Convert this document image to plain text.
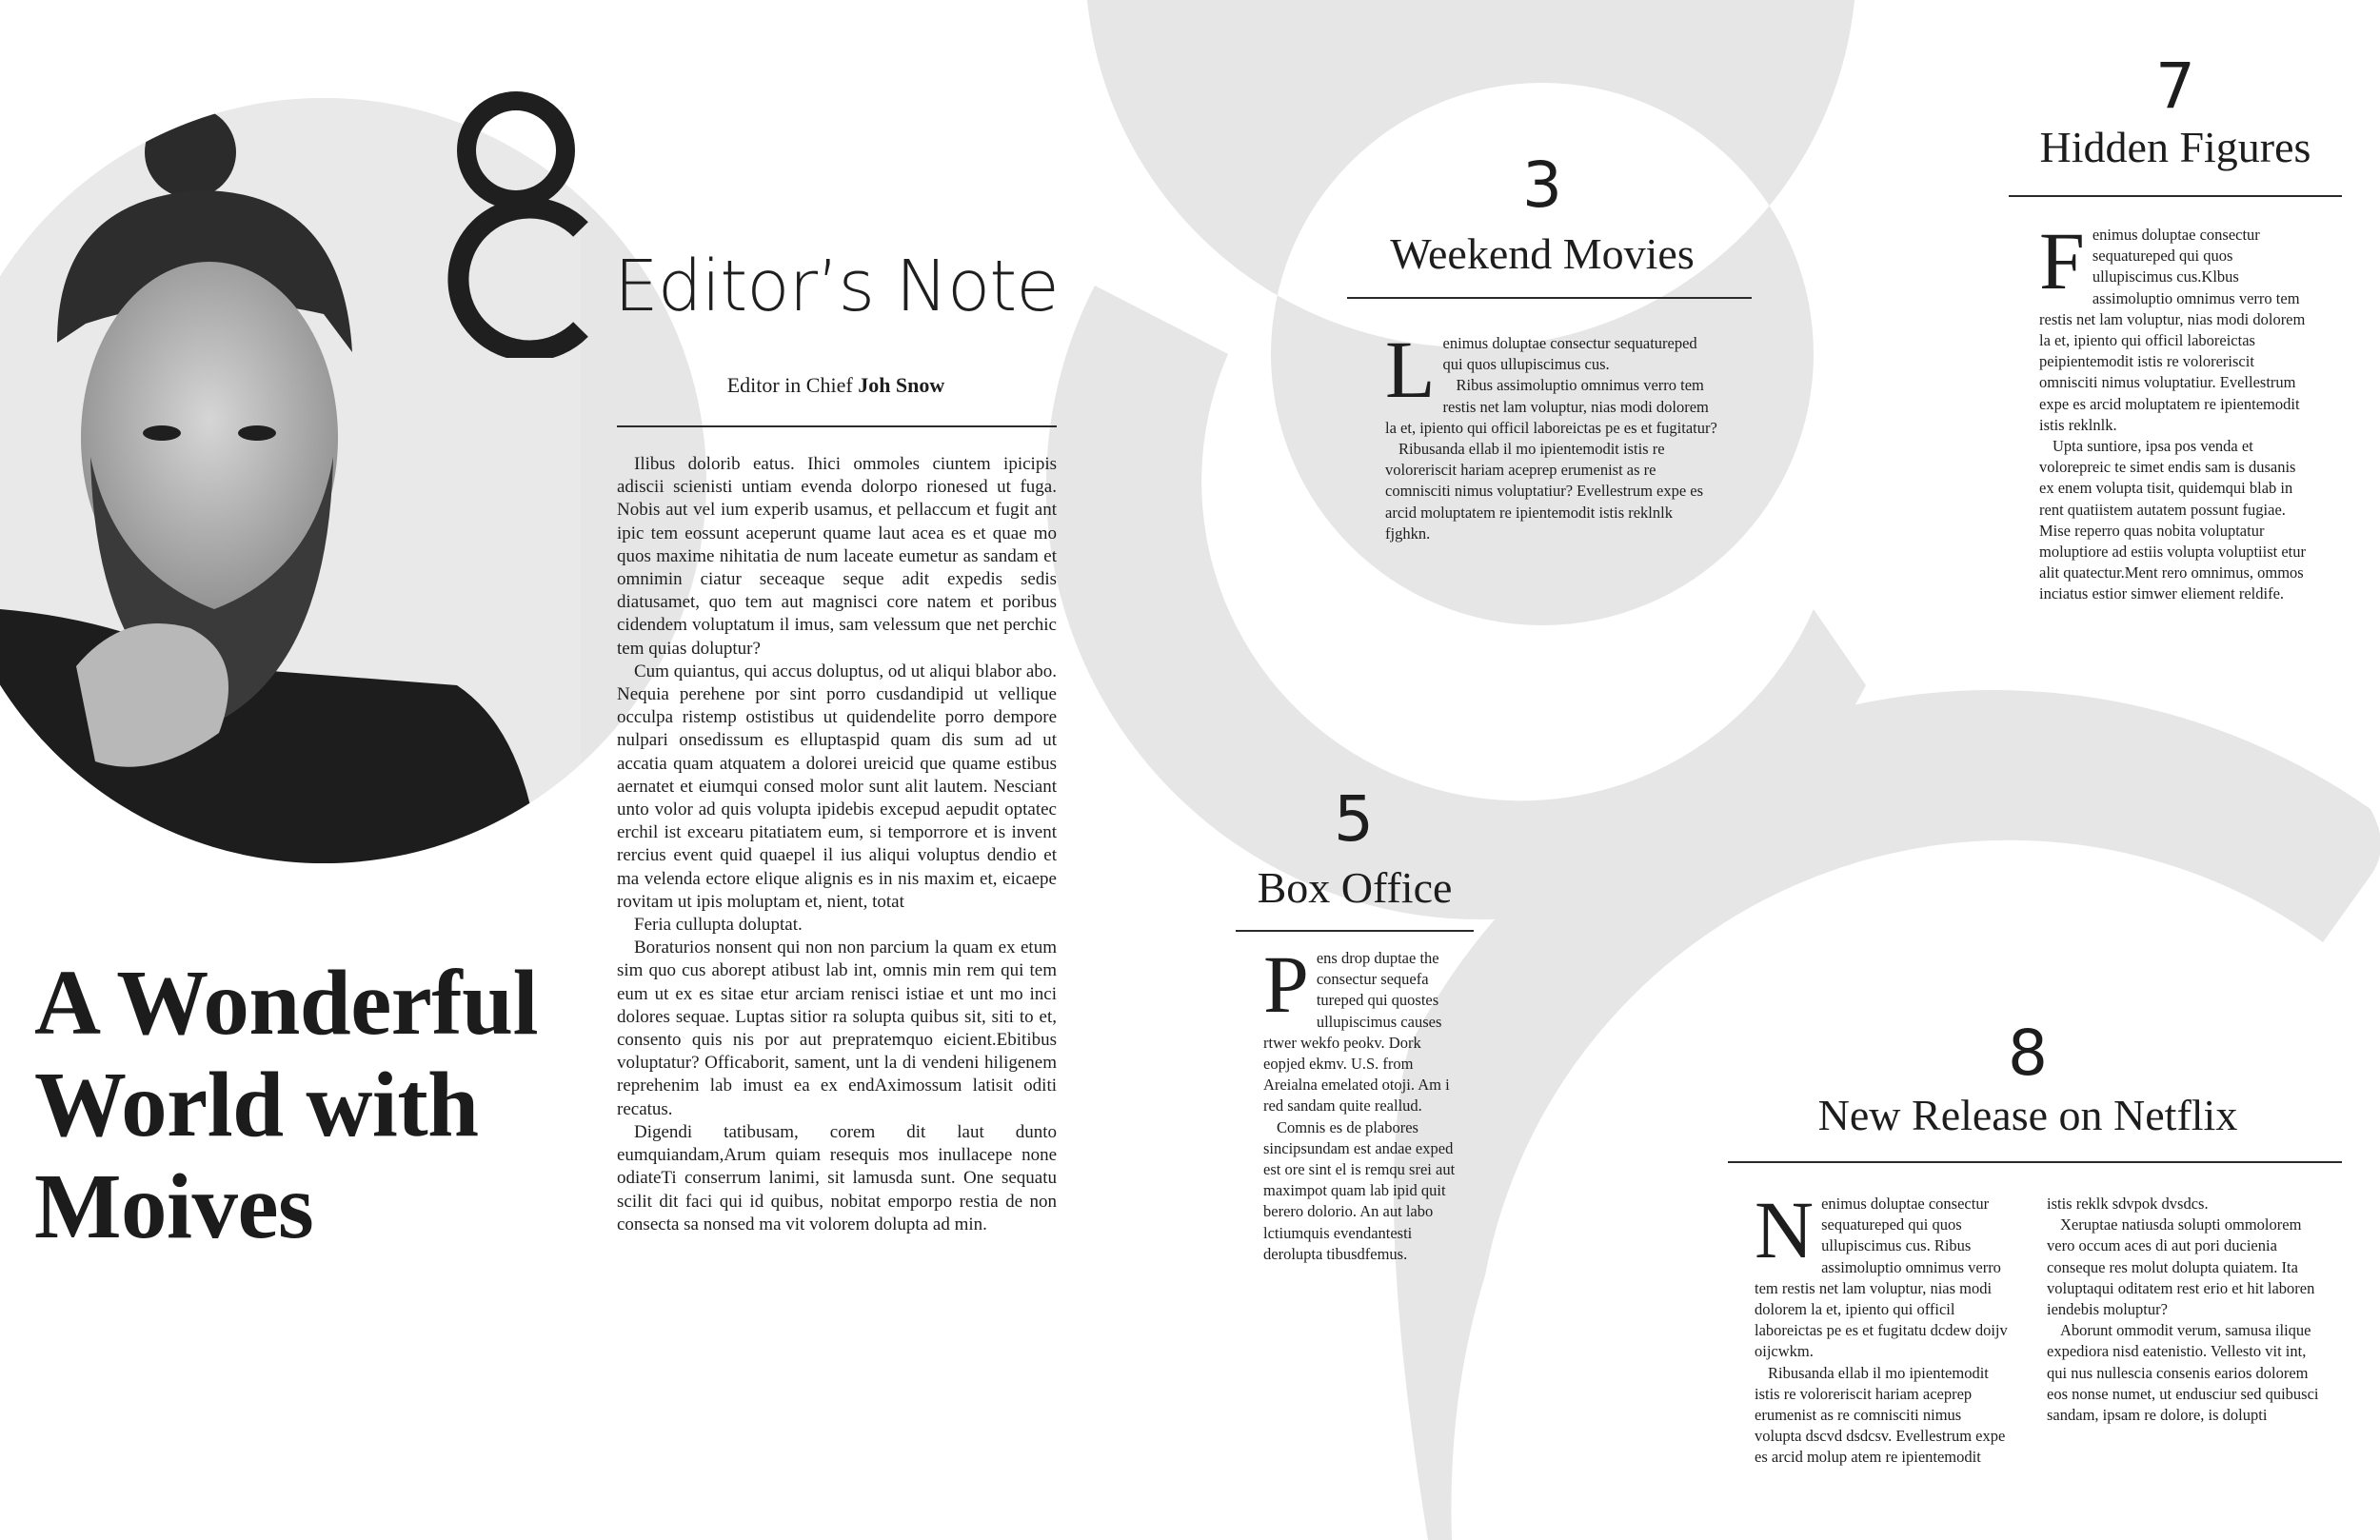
Editor’s Note
Editor in Chief Joh Snow

Ilibus dolorib eatus. Ihici ommoles ciuntem ipicipis adiscii scienisti untiam evenda dolorpo rionesed ut fuga. Nobis aut vel ium experib usamus, et pellaccum et fugit ant ipic tem eossunt aceperunt quame laut acea es et quae mo quos maxime nihitatia de num laceate eumetur as sandam et omnimin ciatur seceaque seque adit expedis sedis diatusamet, quo tem aut magnisci core natem et poribus cidendem voluptatum il imus, sam velessum que net perchic tem quias doluptur?

Cum quiantus, qui accus doluptus, od ut aliqui blabor abo. Nequia perehene por sint porro cusdandipid ut vellique occulpa ristemp ostistibus ut quidendelite porro dempore nulpari onsedissum es elluptaspid quam dis sum ad ut accatia quam atquatem a dolorei ureicid que quame estibus aernatet et eiumqui consed molor sunt alit lautem. Nesciant unto volor ad quis volupta ipidebis excepud aepudit optatec erchil ist excearu pitatiatem eum, si temporrore et is invent rercius event quid quaepel il ius aliqui voluptus dendio et ma velenda ectore elique alignis es in nis maxim et, eicaepe rovitam ut ipis moluptam et, nient, totat

Feria cullupta doluptat.

Boraturios nonsent qui non non parcium la quam ex etum sim quo cus aborept atibust lab int, omnis min rem qui tem eum ut ex es sitae etur arciam renisci istiae et unt mo inci dolores sequae. Luptas sitior ra solupta quibus sit, siti to et, consento quis nis por aut prepratemquo eicient.Ebitibus voluptatur? Officaborit, sament, unt la di vendeni hiligenem reprehenim lab imust ea ex endAximossum latisit oditi recatus.

Digendi tatibusam, corem dit laut dunto eumquiandam,Arum quiam resequis mos inullacepe none odiateTi conserrum lanimi, sit lamusda sunt. One sequatu scilit dit faci qui id quibus, nobitat emporpo restia de non consecta sa nonsed ma vit volorem dolupta ad min.

A Wonderful
World with
Moives
3
Weekend Movies

Lenimus doluptae consectur sequatureped qui quos ullupiscimus cus.

Ribus assimoluptio omnimus verro tem restis net lam voluptur, nias modi dolorem la et, ipiento qui officil laboreictas pe es et fugitatur?

Ribusanda ellab il mo ipientemodit istis re voloreriscit hariam aceprep erumenist as re comnisciti nimus voluptatiur? Evellestrum expe es arcid moluptatem re ipientemodit istis reklnlk fjghkn.

7
Hidden Figures

Fenimus doluptae consectur sequatureped qui quos ullupiscimus cus.Klbus assimoluptio omnimus verro tem restis net lam voluptur, nias modi dolorem la et, ipiento qui officil laboreictas peipientemodit istis re voloreriscit omnisciti nimus voluptatiur. Evellestrum expe es arcid moluptatem re ipientemodit istis reklnlk.

Upta suntiore, ipsa pos venda et volorepreic te simet endis sam is dusanis ex enem volupta tisit, quidemqui blab in rent quatiistem autatem possunt fugiae. Mise reperro quas nobita voluptatur moluptiore ad estiis volupta voluptiist etur alit quatectur.Ment rero omnimus, ommos inciatus estior simwer eliement reldife.

5
Box Office

Pens drop duptae the consectur sequefa tureped qui quostes ullupiscimus causes rtwer wekfo peokv. Dork eopjed ekmv. U.S. from Areialna emelated otoji. Am i red sandam quite reallud.

Comnis es de plabores sincipsundam est andae exped est ore sint el is remqu srei aut maximpot quam lab ipid quit berero dolorio. An aut labo lctiumquis evendantesti derolupta tibusdfemus.

8
New Release on Netflix

Nenimus doluptae consectur sequatureped qui quos ullupiscimus cus. Ribus assimoluptio omnimus verro tem restis net lam voluptur, nias modi dolorem la et, ipiento qui officil laboreictas pe es et fugitatu dcdew doijv oijcwkm.

Ribusanda ellab il mo ipientemodit istis re voloreriscit hariam aceprep erumenist as re comnisciti nimus volupta dscvd dsdcsv. Evellestrum expe es arcid molup atem re ipientemodit

istis reklk sdvpok dvsdcs.

Xeruptae natiusda solupti ommolorem vero occum aces di aut pori ducienia conseque res molut dolupta quiatem. Ita voluptaqui oditatem rest erio et hit laboren iendebis moluptur?

Aborunt ommodit verum, samusa ilique expediora nisd eatenistio. Vellesto vit int, qui nus nullescia consenis earios dolorem eos nonse numet, ut endusciur sed quibusci sandam, ipsam re dolore, is dolupti
